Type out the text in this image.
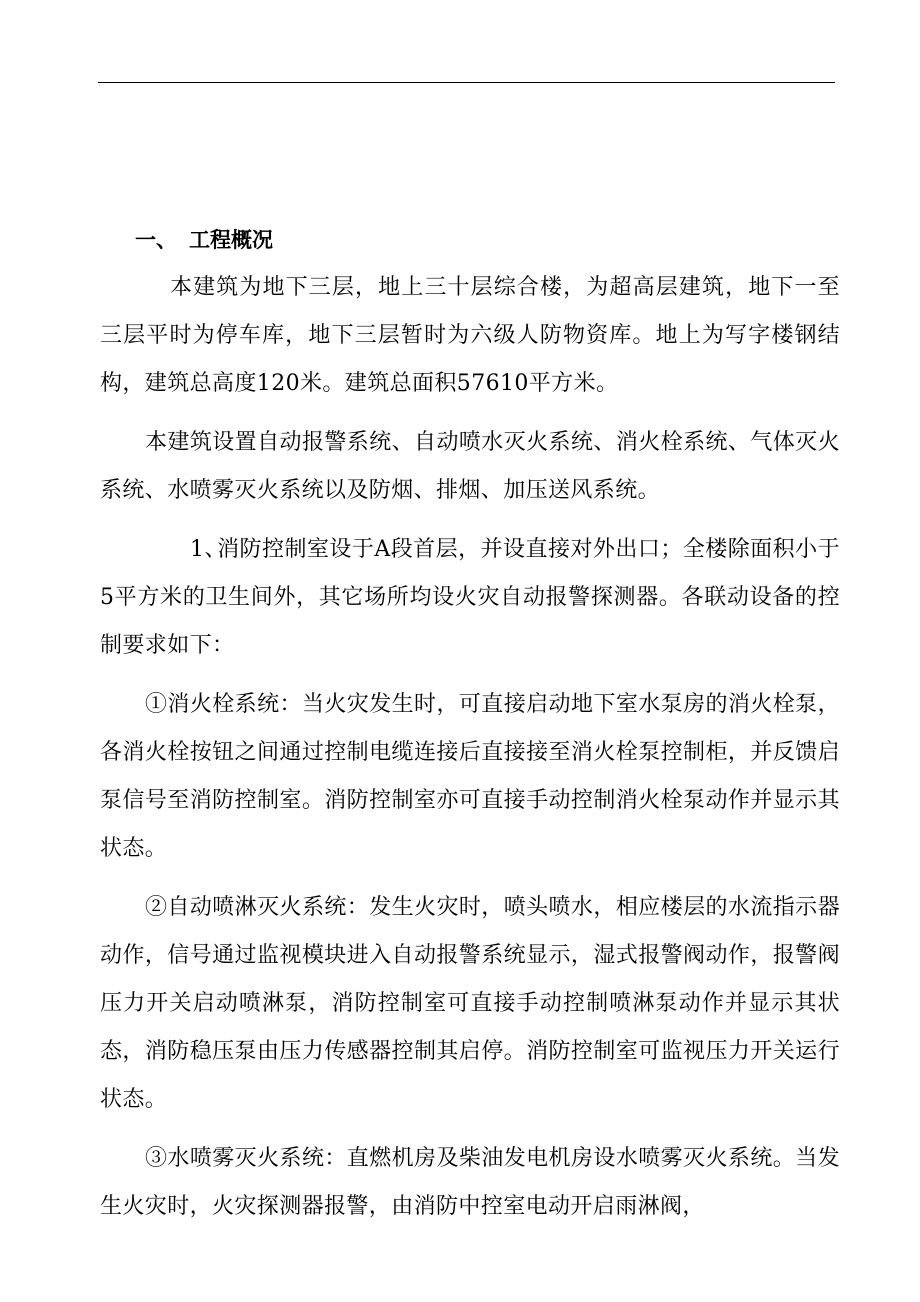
一、 工程概况

本建筑为地下三层，地上三十层综合楼，为超高层建筑，地下一至三层平时为停车库，地下三层暂时为六级人防物资库。地上为写字楼钢结构，建筑总高度120米。建筑总面积57610平方米。

本建筑设置自动报警系统、自动喷水灭火系统、消火栓系统、气体灭火系统、水喷雾灭火系统以及防烟、排烟、加压送风系统。

1、消防控制室设于A段首层，并设直接对外出口；全楼除面积小于5平方米的卫生间外，其它场所均设火灾自动报警探测器。各联动设备的控制要求如下：

①消火栓系统：当火灾发生时，可直接启动地下室水泵房的消火栓泵，各消火栓按钮之间通过控制电缆连接后直接接至消火栓泵控制柜，并反馈启泵信号至消防控制室。消防控制室亦可直接手动控制消火栓泵动作并显示其状态。

②自动喷淋灭火系统：发生火灾时，喷头喷水，相应楼层的水流指示器动作，信号通过监视模块进入自动报警系统显示，湿式报警阀动作，报警阀压力开关启动喷淋泵，消防控制室可直接手动控制喷淋泵动作并显示其状态，消防稳压泵由压力传感器控制其启停。消防控制室可监视压力开关运行状态。

③水喷雾灭火系统：直燃机房及柴油发电机房设水喷雾灭火系统。当发生火灾时，火灾探测器报警，由消防中控室电动开启雨淋阀，
